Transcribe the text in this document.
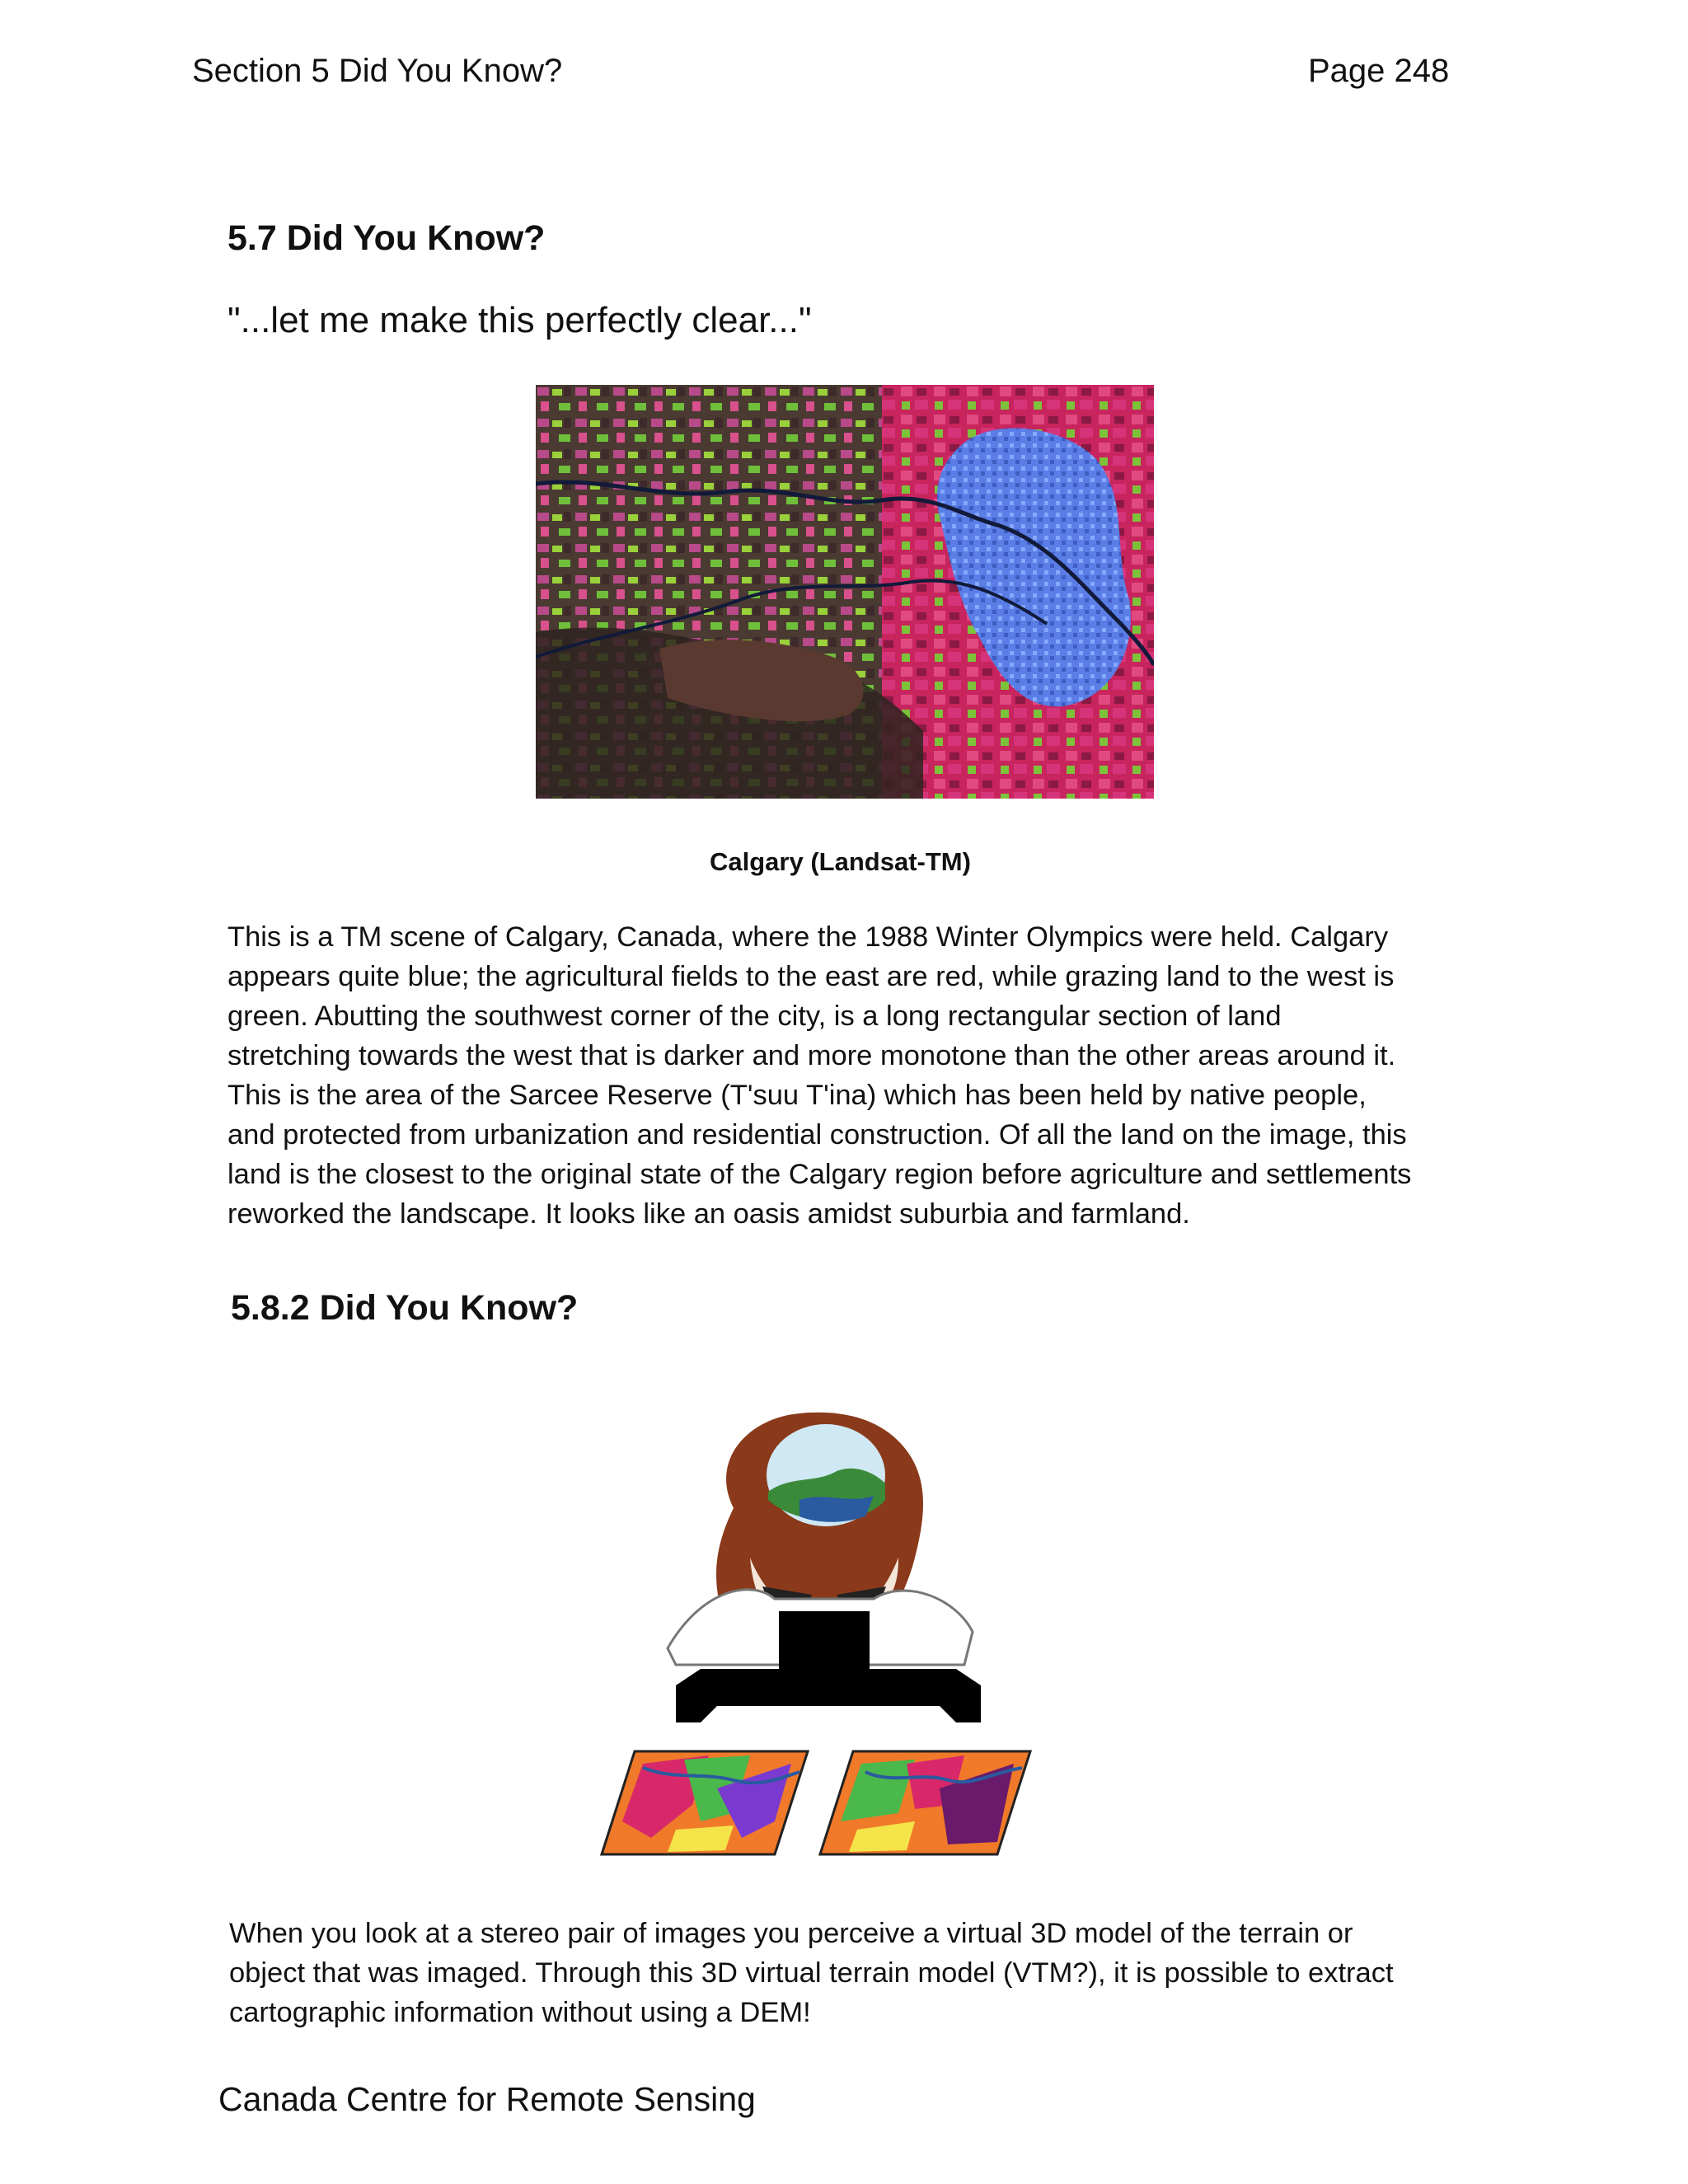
Section 5 Did You Know?	Page 248
5.7 Did You Know?
"...let me make this perfectly clear..."
Calgary (Landsat-TM)
This is a TM scene of Calgary, Canada, where the 1988 Winter Olympics were held. Calgary
appears quite blue; the agricultural fields to the east are red, while grazing land to the west is
green. Abutting the southwest corner of the city, is a long rectangular section of land
stretching towards the west that is darker and more monotone than the other areas around it.
This is the area of the Sarcee Reserve (T'suu T'ina) which has been held by native people,
and protected from urbanization and residential construction. Of all the land on the image, this
land is the closest to the original state of the Calgary region before agriculture and settlements
reworked the landscape. It looks like an oasis amidst suburbia and farmland.
5.8.2 Did You Know?
When you look at a stereo pair of images you perceive a virtual 3D model of the terrain or
object that was imaged. Through this 3D virtual terrain model (VTM?), it is possible to extract
cartographic information without using a DEM!
Canada Centre for Remote Sensing
